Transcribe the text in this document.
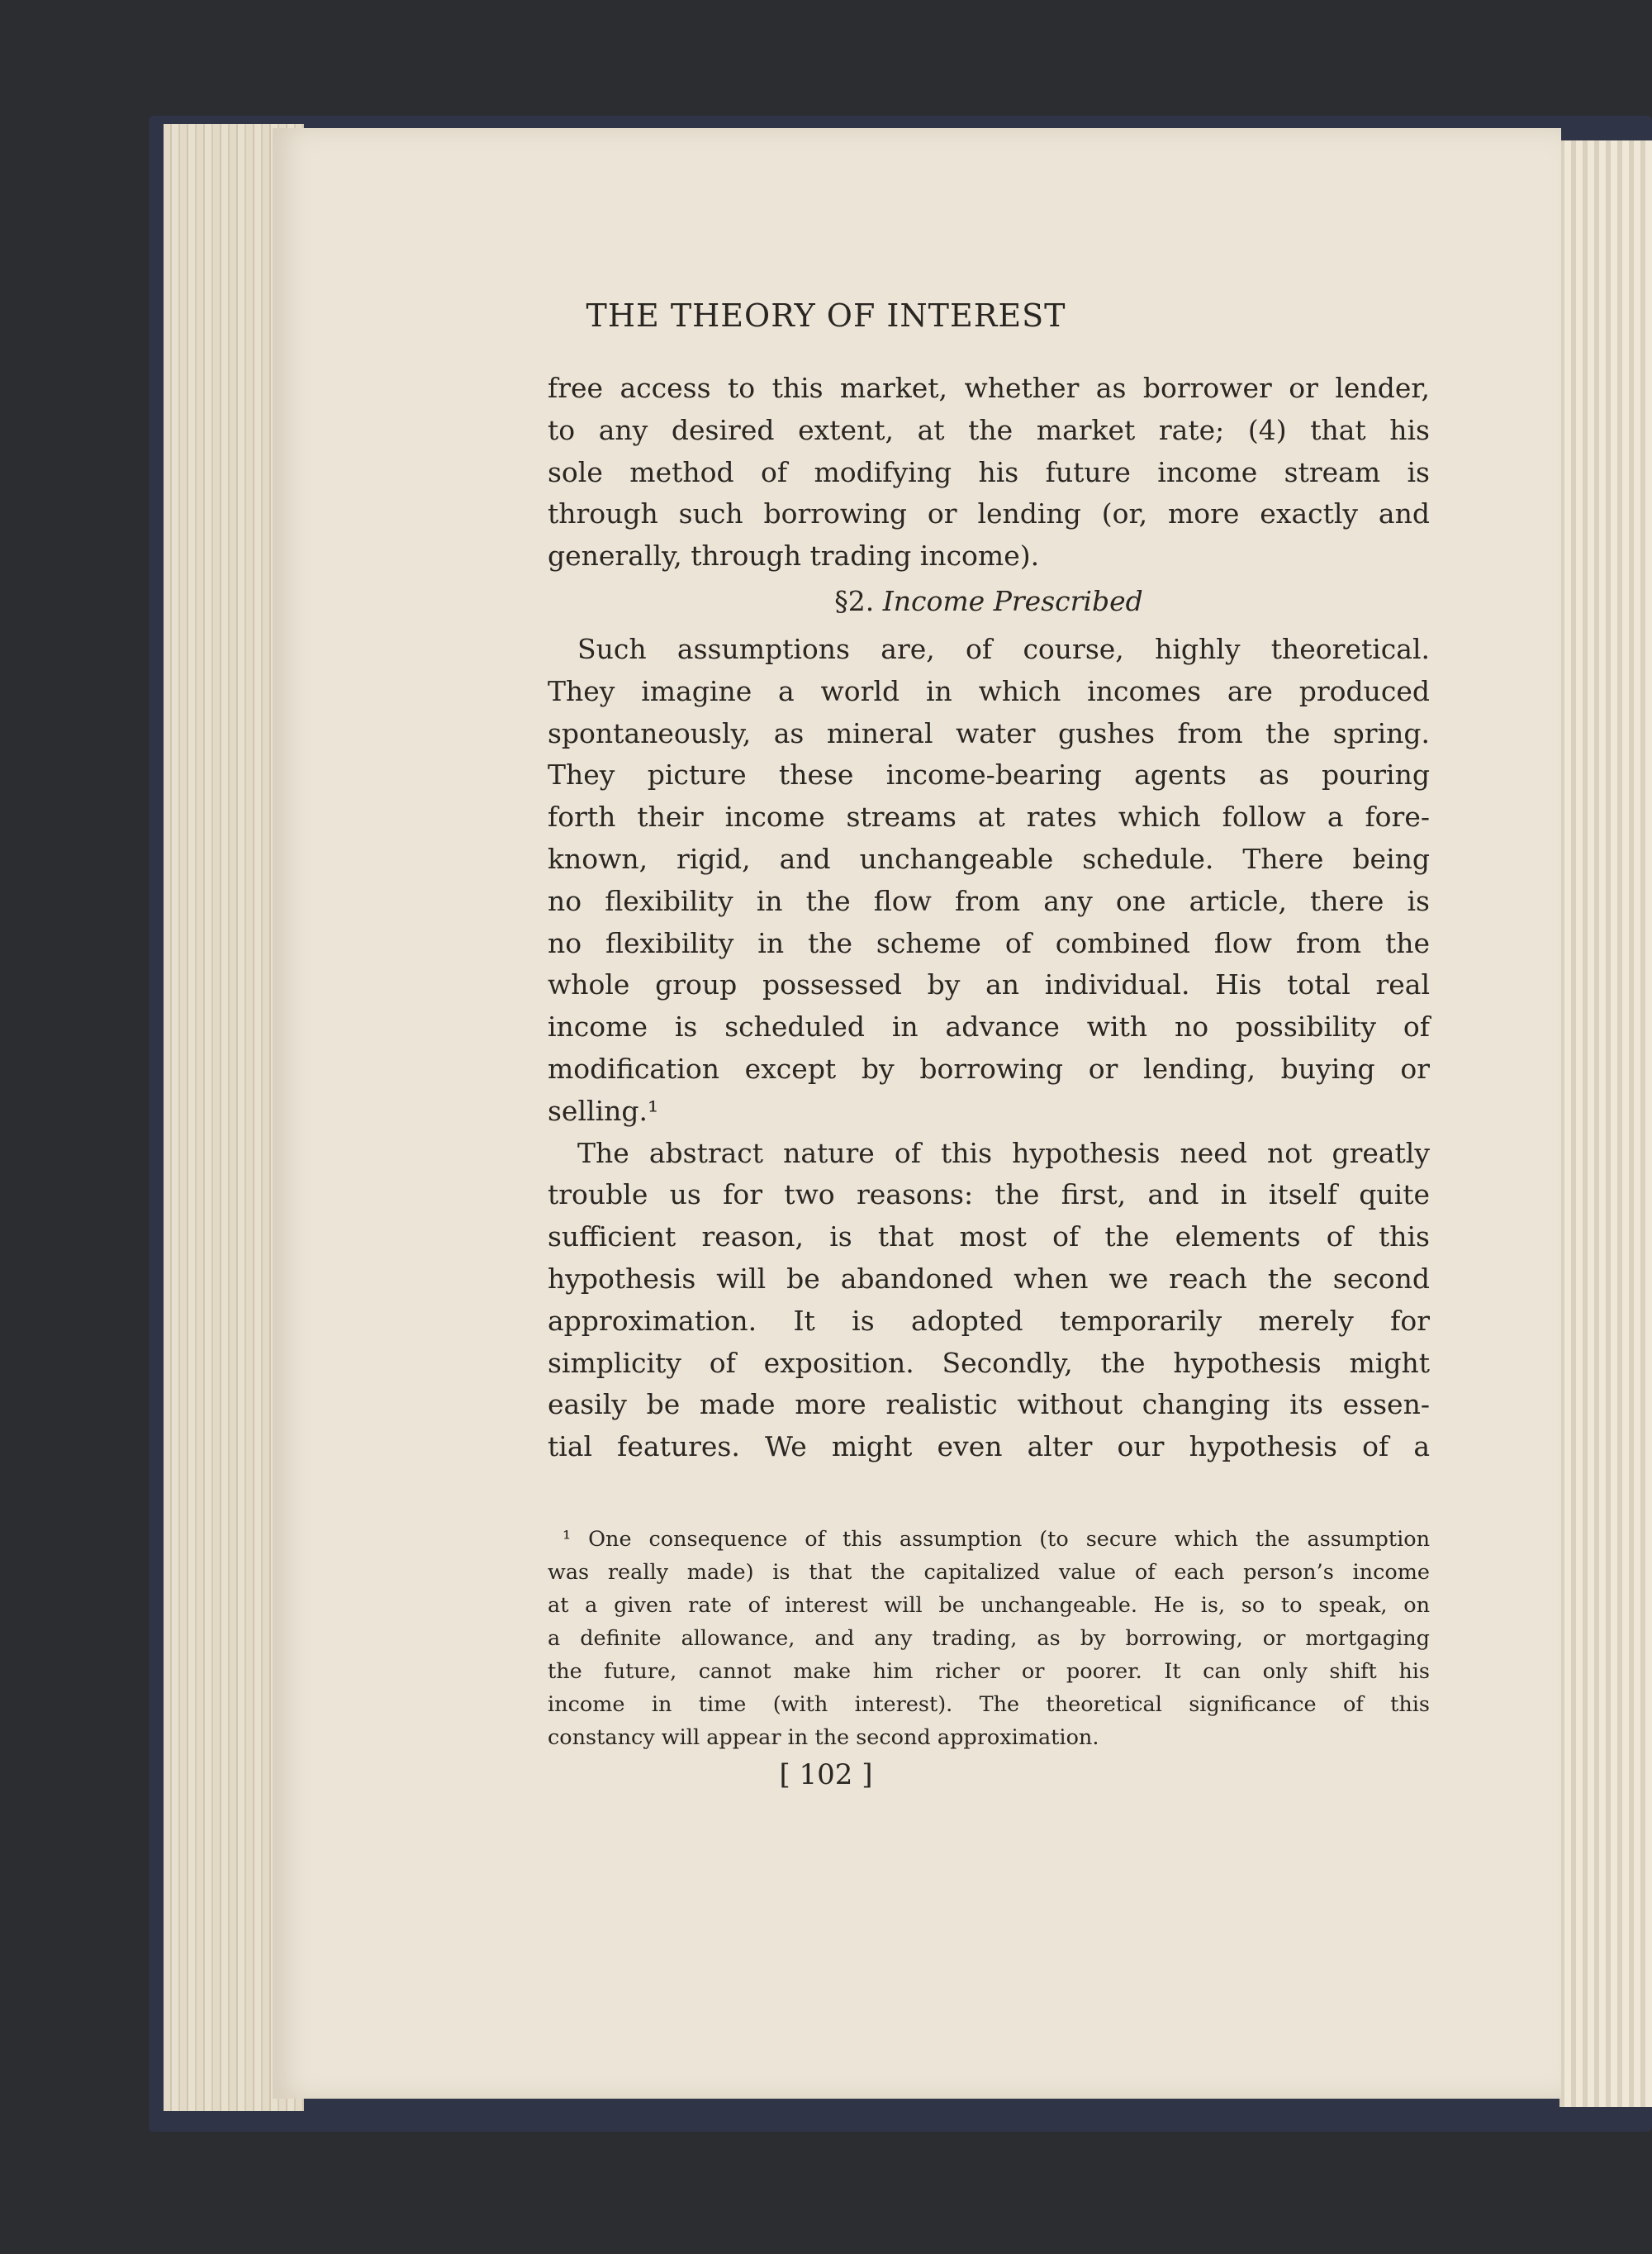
THE THEORY OF INTEREST
free access to this market, whether as borrower or lender,
to any desired extent, at the market rate; (4) that his
sole method of modifying his future income stream is
through such borrowing or lending (or, more exactly and
generally, through trading income).
§2. Income Prescribed
Such assumptions are, of course, highly theoretical.
They imagine a world in which incomes are produced
spontaneously, as mineral water gushes from the spring.
They picture these income-bearing agents as pouring
forth their income streams at rates which follow a fore-
known, rigid, and unchangeable schedule. There being
no flexibility in the flow from any one article, there is
no flexibility in the scheme of combined flow from the
whole group possessed by an individual. His total real
income is scheduled in advance with no possibility of
modification except by borrowing or lending, buying or
selling.¹
The abstract nature of this hypothesis need not greatly
trouble us for two reasons: the first, and in itself quite
sufficient reason, is that most of the elements of this
hypothesis will be abandoned when we reach the second
approximation. It is adopted temporarily merely for
simplicity of exposition. Secondly, the hypothesis might
easily be made more realistic without changing its essen-
tial features. We might even alter our hypothesis of a
¹ One consequence of this assumption (to secure which the assumption
was really made) is that the capitalized value of each person’s income
at a given rate of interest will be unchangeable. He is, so to speak, on
a definite allowance, and any trading, as by borrowing, or mortgaging
the future, cannot make him richer or poorer. It can only shift his
income in time (with interest). The theoretical significance of this
constancy will appear in the second approximation.
[ 102 ]
